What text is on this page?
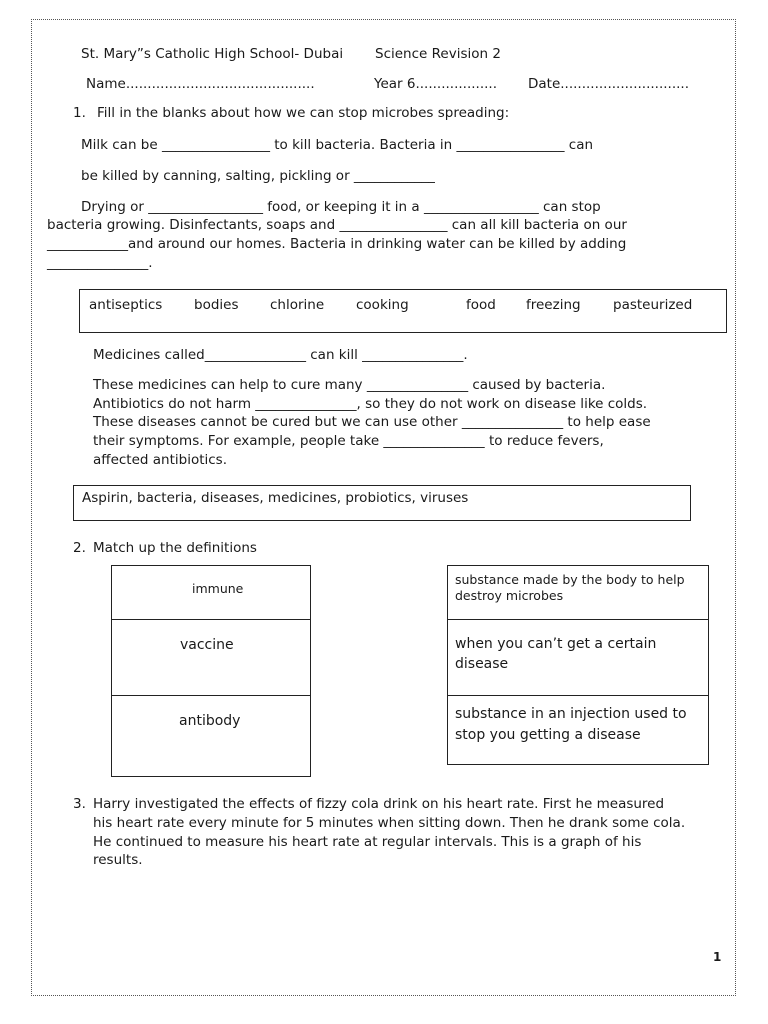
St. Mary”s Catholic High School- Dubai Science Revision 2
Name............................................	Year 6................... Date..............................
1. Fill in the blanks about how we can stop microbes spreading:
Milk can be ________________ to kill bacteria. Bacteria in ________________ can
be killed by canning, salting, pickling or ____________
Drying or _________________ food, or keeping it in a _________________ can stop
bacteria growing. Disinfectants, soaps and ________________ can all kill bacteria on our
____________and around our homes. Bacteria in drinking water can be killed by adding
_______________.
antiseptics bodies chlorine cooking	food freezing pasteurized
Medicines called_______________ can kill _______________.
These medicines can help to cure many _______________ caused by bacteria.
Antibiotics do not harm _______________, so they do not work on disease like colds.
These diseases cannot be cured but we can use other _______________ to help ease
their symptoms. For example, people take _______________ to reduce fevers,
affected antibiotics.
Aspirin, bacteria, diseases, medicines, probiotics, viruses
2. Match up the definitions
immune
vaccine
antibody
substance made by the body to help destroy microbes
when you can’t get a certain disease
substance in an injection used to stop you getting a disease
3. Harry investigated the effects of fizzy cola drink on his heart rate. First he measured
his heart rate every minute for 5 minutes when sitting down. Then he drank some cola.
He continued to measure his heart rate at regular intervals. This is a graph of his
results.
1
